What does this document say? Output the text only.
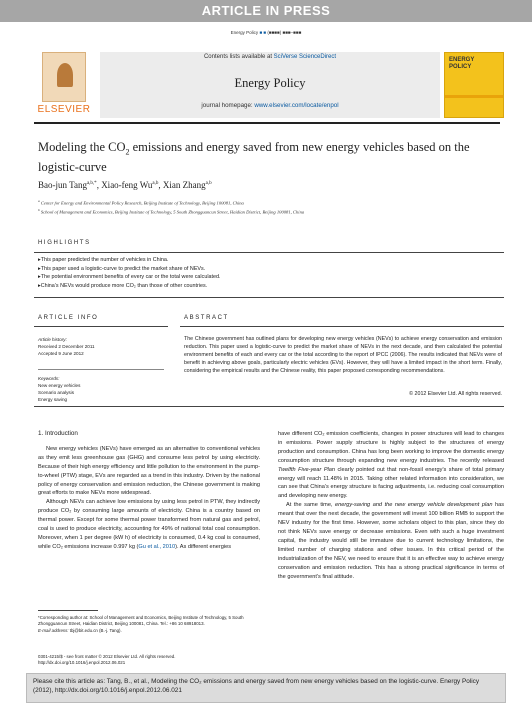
ARTICLE IN PRESS
Energy Policy ■ ■ (■■■■) ■■■–■■■
ELSEVIER
Contents lists available at SciVerse ScienceDirect
Energy Policy
journal homepage: www.elsevier.com/locate/enpol
ENERGY
POLICY
Modeling the $CO_2$ emissions and energy saved from new energy vehicles based on the logistic-curve
Bao-jun Tang$^{a,b,*}$, Xiao-feng Wu$^{a,b}$, Xian Zhang$^{a,b}$
$^a$ Center for Energy and Environmental Policy Research, Beijing Institute of Technology, Beijing 100081, China
$^b$ School of Management and Economics, Beijing Institute of Technology, 5 South Zhongguancun Street, Haidian District, Beijing 100081, China
HIGHLIGHTS
▸ This paper predicted the number of vehicles in China.
▸ This paper used a logistic-curve to predict the market share of NEVs.
▸ The potential environment benefits of every car or the total were calculated.
▸ China’s NEVs would produce more CO₂ than those of other countries.
ARTICLE INFO	ABSTRACT
Article history:
Received 2 December 2011
Accepted 9 June 2012
Keywords:
New energy vehicles
Scenario analysis
Energy saving
The Chinese government has outlined plans for developing new energy vehicles (NEVs) to achieve energy conservation and emission reduction. This paper used a logistic-curve to predict the market share of NEVs in the next decade, and then calculated the potential environment benefits of each and every car or the total according to the report of IPCC (2006). The results indicated that NEVs were of benefit in achieving above goals, particularly electric vehicles (EVs). However, they will have a limited impact in the short term. Finally, considering the empirical results and the Chinese reality, this paper proposed corresponding recommendations.
© 2012 Elsevier Ltd. All rights reserved.
1. Introduction

New energy vehicles (NEVs) have emerged as an alternative to conventional vehicles as they emit less greenhouse gas (GHG) and consume less petrol by using electricity. Because of their high energy efficiency and little pollution to the environment in the pump-to-wheel (PTW) stage, EVs are regarded as a trend in this industry. Driven by the national policy of energy conservation and emission reduction, the Chinese government is making great efforts to make NEVs more widespread.

Although NEVs can achieve low emissions by using less petrol in PTW, they indirectly produce CO₂ by consuming large amounts of electricity. China is a country based on thermal power. Except for some thermal power transformed from natural gas and petrol, coal is used to produce electricity, accounting for 49% of national total coal consumption. Moreover, when 1 per degree (kW h) of electricity is consumed, 0.4 kg coal is consumed, while CO₂ emissions increase 0.997 kg (Gu et al., 2010). As different energies

have different CO₂ emission coefficients, changes in power structures will lead to changes in emissions. Power supply structure is highly subject to the structures of energy production and consumption. China has long been working to improve the domestic energy consumption structure through expanding new energy industries. The recently released Twelfth Five-year Plan clearly pointed out that non-fossil energy’s share of total primary energy will reach 11.48% in 2015. Taking other related information into consideration, we can see that China’s energy structure is facing adjustments, i.e. reducing coal consumption and developing new energy.

At the same time, energy-saving and the new energy vehicle development plan has meant that over the next decade, the government will invest 100 billion RMB to support the NEV industry for the first time. However, some scholars object to this plan, since they do not think NEVs save energy or decrease emissions. Even with such a huge investment capital, the industry would still be immature due to current technology limitations, the limited number of charging stations and other issues. In this critical period of the industrialization of the NEV, we need to ensure that it is an effective way to achieve energy conservation and emission reduction. This has a strong practical significance in terms of the government’s final attitude.

*Corresponding author at: School of Management and Economics, Beijing Institute of Technology, 5 South Zhongguancun Street, Haidian District, Beijing 100081, China. Tel.: +86 10 68918013.
E-mail address: tbj@bit.edu.cn (B.-j. Tang).
0301-4215/$ - see front matter © 2012 Elsevier Ltd. All rights reserved.
http://dx.doi.org/10.1016/j.enpol.2012.06.021
Please cite this article as: Tang, B., et al., Modeling the CO₂ emissions and energy saved from new energy vehicles based on the logistic-curve. Energy Policy (2012), http://dx.doi.org/10.1016/j.enpol.2012.06.021
